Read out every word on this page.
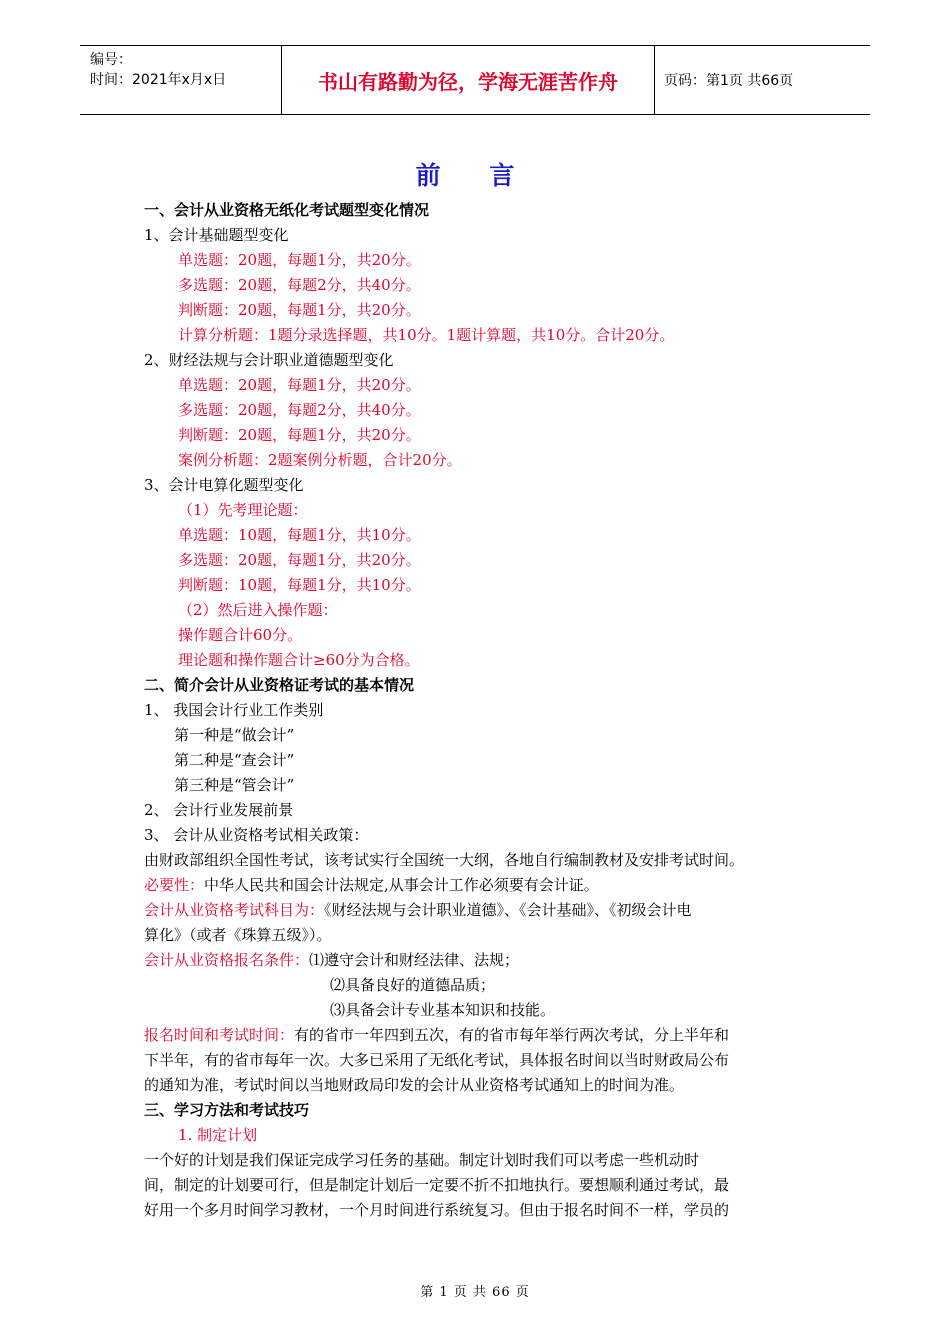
编号：
时间：2021年x月x日	书山有路勤为径，学海无涯苦作舟	页码：第1页 共66页
前 言
一、会计从业资格无纸化考试题型变化情况
1、会计基础题型变化
单选题：20题，每题1分，共20分。
多选题：20题，每题2分，共40分。
判断题：20题，每题1分，共20分。
计算分析题：1题分录选择题，共10分。1题计算题，共10分。合计20分。
2、财经法规与会计职业道德题型变化
单选题：20题，每题1分，共20分。
多选题：20题，每题2分，共40分。
判断题：20题，每题1分，共20分。
案例分析题：2题案例分析题，合计20分。
3、会计电算化题型变化
（1）先考理论题：
单选题：10题，每题1分，共10分。
多选题：20题，每题1分，共20分。
判断题：10题，每题1分，共10分。
（2）然后进入操作题：
操作题合计60分。
理论题和操作题合计≥60分为合格。
二、简介会计从业资格证考试的基本情况
1、 我国会计行业工作类别
第一种是“做会计”
第二种是“查会计”
第三种是“管会计”
2、 会计行业发展前景
3、 会计从业资格考试相关政策：
由财政部组织全国性考试，该考试实行全国统一大纲，各地自行编制教材及安排考试时间。
必要性：中华人民共和国会计法规定,从事会计工作必须要有会计证。
会计从业资格考试科目为：《财经法规与会计职业道德》、《会计基础》、《初级会计电
算化》（或者《珠算五级》）。
会计从业资格报名条件：⑴遵守会计和财经法律、法规；
⑵具备良好的道德品质；
⑶具备会计专业基本知识和技能。
报名时间和考试时间：有的省市一年四到五次，有的省市每年举行两次考试，分上半年和
下半年，有的省市每年一次。大多已采用了无纸化考试，具体报名时间以当时财政局公布
的通知为准，考试时间以当地财政局印发的会计从业资格考试通知上的时间为准。
三、学习方法和考试技巧
1. 制定计划
一个好的计划是我们保证完成学习任务的基础。制定计划时我们可以考虑一些机动时
间，制定的计划要可行，但是制定计划后一定要不折不扣地执行。要想顺利通过考试，最
好用一个多月时间学习教材，一个月时间进行系统复习。但由于报名时间不一样，学员的
第 1 页 共 66 页
